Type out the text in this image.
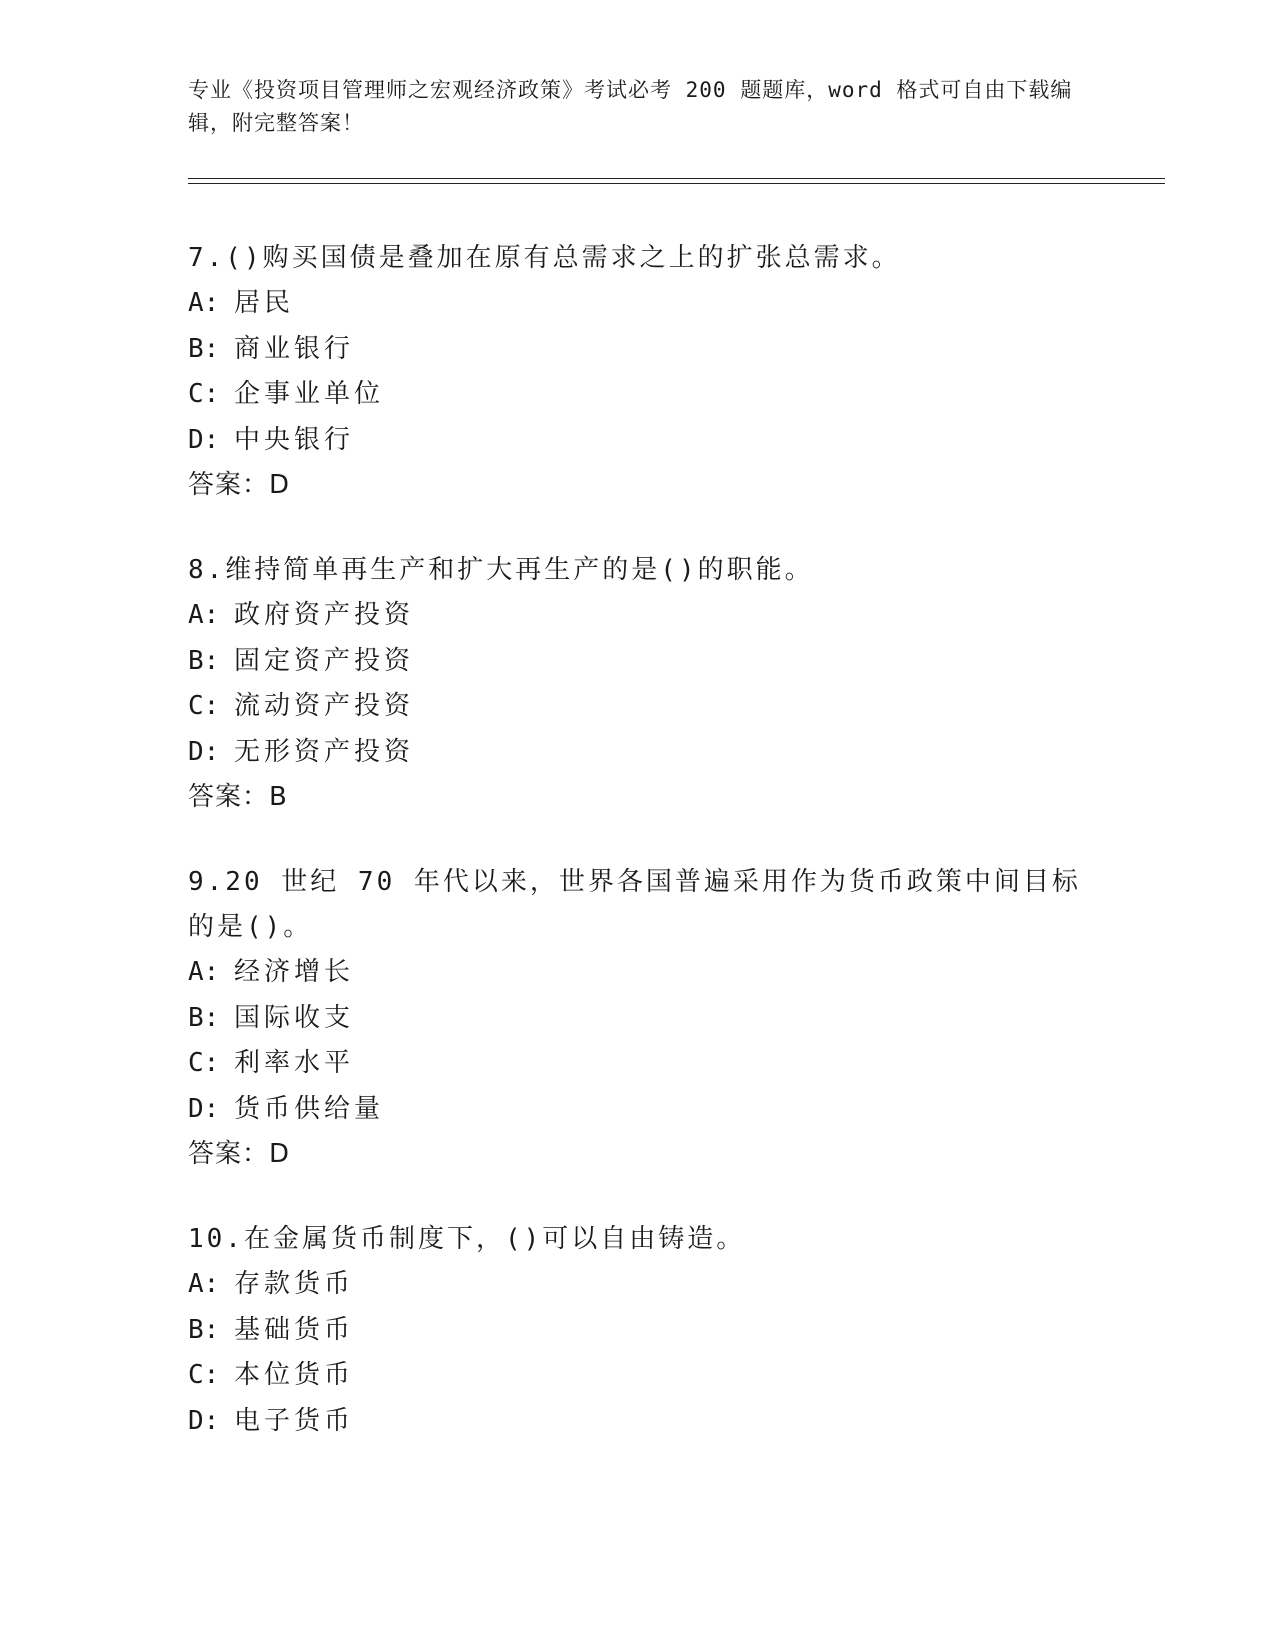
专业《投资项目管理师之宏观经济政策》考试必考 200 题题库，word 格式可自由下载编辑，附完整答案！

7.()购买国债是叠加在原有总需求之上的扩张总需求。

A: 居民

B: 商业银行

C: 企事业单位

D: 中央银行

答案：D

8.维持简单再生产和扩大再生产的是()的职能。

A: 政府资产投资

B: 固定资产投资

C: 流动资产投资

D: 无形资产投资

答案：B

9.20 世纪 70 年代以来，世界各国普遍采用作为货币政策中间目标的是()。

A: 经济增长

B: 国际收支

C: 利率水平

D: 货币供给量

答案：D

10.在金属货币制度下，()可以自由铸造。

A: 存款货币

B: 基础货币

C: 本位货币

D: 电子货币
